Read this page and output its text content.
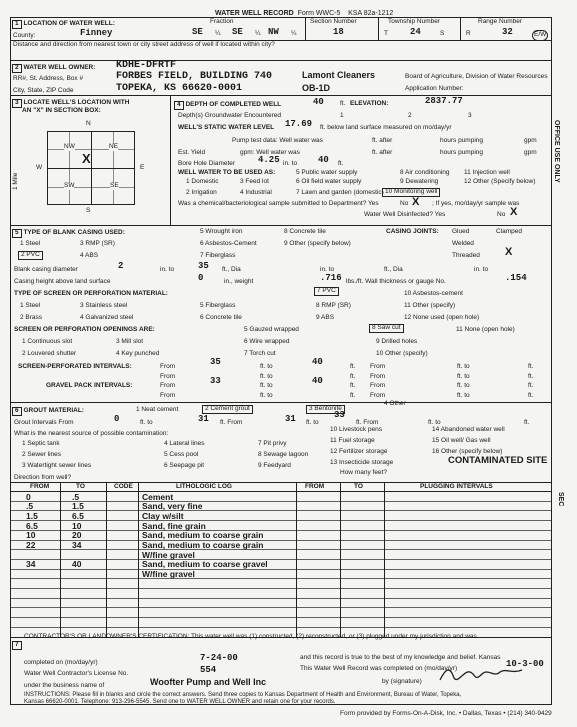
WATER WELL RECORD Form WWC-5 KSA 82a-1212
1 LOCATION OF WATER WELL:	Fraction
County:	Finney	SE ¼ SE ¼ NW ¼
Section Number
18
Township Number
T 24	S
Range Number
R	32	E/W
Distance and direction from nearest town or city street address of well if located within city?
2 WATER WELL OWNER: KDHE-DFRTF
RR#, St. Address, Box #	FORBES FIELD, BUILDING 740	Lamont Cleaners	Board of Agriculture, Division of Water Resources
City, State, ZIP Code	TOPEKA, KS 66620-0001	OB-1D	Application Number:
3 LOCATE WELL'S LOCATION WITH
AN "X" IN SECTION BOX:
N
S
W	E
1 Mile
NW	NE
SW	SE
X
4 DEPTH OF COMPLETED WELL	40 ft. ELEVATION:	2837.77
Depth(s) Groundwater Encountered	1	2	3
WELL'S STATIC WATER LEVEL 17.69 ft. below land surface measured on mo/day/yr
Pump test data: Well water was	ft. after	hours pumping	gpm
Est. Yield	gpm: Well water was	ft. after	hours pumping	gpm
Bore Hole Diameter	4.25 in. to 40 ft.
WELL WATER TO BE USED AS:	5 Public water supply	8 Air conditioning 11 Injection well
1 Domestic	3 Feed lot	6 Oil field water supply	9 Dewatering	12 Other (Specify below)
2 Irrigation	4 Industrial	7 Lawn and garden (domestic) 10 Monitoring well
Was a chemical/bacteriological sample submitted to Department? Yes	No X ; If yes, mo/day/yr sample was
Water Well Disinfected? Yes	No X
5 TYPE OF BLANK CASING USED:
1 Steel	3 RMP (SR)
5 Wrought iron	8 Concrete tile	CASING JOINTS: Glued	Clamped
4 ABS
6 Asbestos-Cement	9 Other (specify below)	Welded
7 Fiberglass	Threaded X
2 PVC
Blank casing diameter	2	in. to	35 ft., Dia	in. to	ft., Dia	in. to
Casing height above land surface	0	in., weight	.716 lbs./ft. Wall thickness or gauge No.	.154
TYPE OF SCREEN OR PERFORATION MATERIAL:
1 Steel	3 Stainless steel	5 Fiberglass
7 PVC	10 Asbestos-cement
8 RMP (SR)	11 Other (specify)
2 Brass	4 Galvanized steel	6 Concrete tile	9 ABS	12 None used (open hole)
SCREEN OR PERFORATION OPENINGS ARE:	5 Gauzed wrapped	8 Saw cut	11 None (open hole)
1 Continuous slot	3 Mill slot	6 Wire wrapped	9 Drilled holes
2 Louvered shutter	4 Key punched	7 Torch cut	10 Other (specify)
SCREEN-PERFORATED INTERVALS:	From	35	ft. to	40	ft. From	ft. to	ft.
From	ft. to	ft. From	ft. to	ft.
GRAVEL PACK INTERVALS:	From	33	ft. to	40	ft. From	ft. to	ft.
From	ft. to	ft. From	ft. to	ft.
6 GROUT MATERIAL:	1 Neat cement	2 Cement grout	3 Bentonite
4 Other
Grout Intervals From	0	ft. to	31 ft. From	31 ft. to
33
ft. From	ft. to	ft.
What is the nearest source of possible contamination:
1 Septic tank	4 Lateral lines	7 Pit privy
10 Livestock pens	14 Abandoned water well
2 Sewer lines	5 Cess pool	8 Sewage lagoon
11 Fuel storage	15 Oil well/ Gas well
3 Watertight sewer lines	6 Seepage pit	9 Feedyard
12 Fertilizer storage	16 Other (specify below)
13 Insecticide storage	CONTAMINATED SITE
Direction from well?
How many feet?
FROM	TO	CODE	LITHOLOGIC LOG	FROM	TO	PLUGGING INTERVALS
0	.5	Cement
.5	1.5	Sand, very fine
1.5	6.5	Clay w/silt
6.5	10	Sand, fine grain
10	20	Sand, medium to coarse grain
22	34	Sand, medium to coarse grain
W/fine gravel
34	40	Sand, medium to coarse gravel
W/fine gravel
7
CONTRACTOR'S OR LANDOWNER'S CERTIFICATION: This water well was (1) constructed, (2) reconstructed, or (3) plugged under my jurisdiction and was
completed on (mo/day/yr)	7-24-00	and this record is true to the best of my knowledge and belief. Kansas
Water Well Contractor's License No.	554	This Water Well Record was completed on (mo/day/yr)	10-3-00
under the business name of	Woofter Pump and Well Inc	by (signature)
INSTRUCTIONS: Please fill in blanks and circle the correct answers. Send three copies to Kansas Department of Health and Environment, Bureau of Water, Topeka,
Kansas 66620-0001. Telephone: 913-296-5545. Send one to WATER WELL OWNER and retain one for your records.
Form provided by Forms-On-A-Disk, Inc. • Dallas, Texas • (214) 340-9429
OFFICE USE ONLY
SEC
